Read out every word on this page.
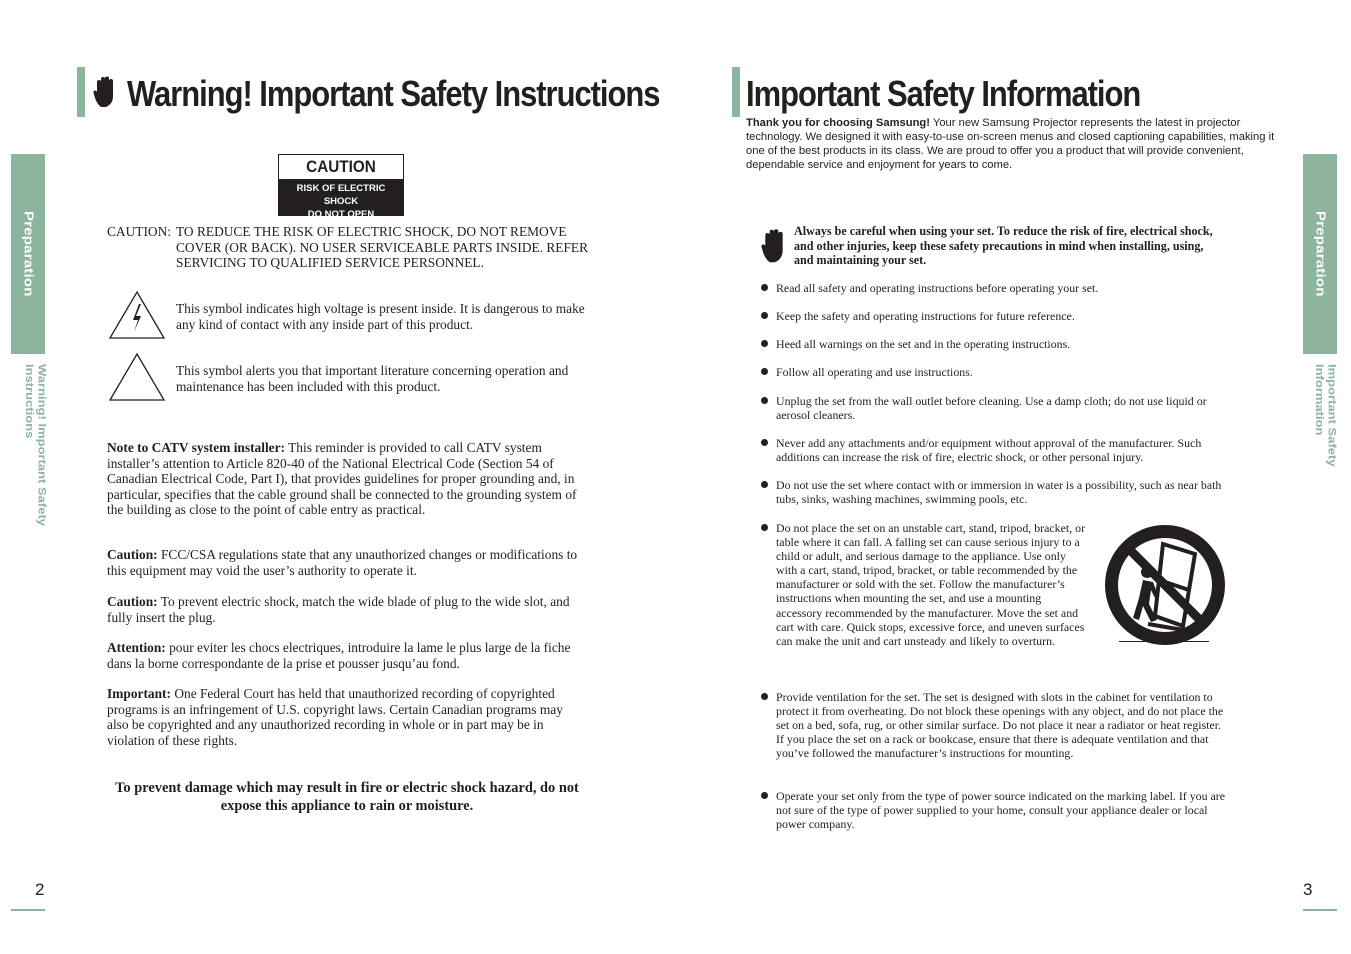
Preparation
Warning! Important Safety Instructions
Warning! Important Safety Instructions
CAUTION
RISK OF ELECTRIC SHOCK
DO NOT OPEN
CAUTION: TO REDUCE THE RISK OF ELECTRIC SHOCK, DO NOT REMOVE COVER (OR BACK). NO USER SERVICEABLE PARTS INSIDE. REFER SERVICING TO QUALIFIED SERVICE PERSONNEL.
This symbol indicates high voltage is present inside. It is dangerous to make any kind of contact with any inside part of this product.
This symbol alerts you that important literature concerning operation and maintenance has been included with this product.
Note to CATV system installer: This reminder is provided to call CATV system installer’s attention to Article 820-40 of the National Electrical Code (Section 54 of Canadian Electrical Code, Part I), that provides guidelines for proper grounding and, in particular, specifies that the cable ground shall be connected to the grounding system of the building as close to the point of cable entry as practical.
Caution: FCC/CSA regulations state that any unauthorized changes or modifications to this equipment may void the user’s authority to operate it.
Caution: To prevent electric shock, match the wide blade of plug to the wide slot, and fully insert the plug.
Attention: pour eviter les chocs electriques, introduire la lame le plus large de la fiche dans la borne correspondante de la prise et pousser jusqu’au fond.
Important: One Federal Court has held that unauthorized recording of copyrighted programs is an infringement of U.S. copyright laws. Certain Canadian programs may also be copyrighted and any unauthorized recording in whole or in part may be in violation of these rights.
To prevent damage which may result in fire or electric shock hazard, do not expose this appliance to rain or moisture.
2
Important Safety Information
Thank you for choosing Samsung! Your new Samsung Projector represents the latest in projector technology. We designed it with easy-to-use on-screen menus and closed captioning capabilities, making it one of the best products in its class. We are proud to offer you a product that will provide convenient, dependable service and enjoyment for years to come.
Always be careful when using your set. To reduce the risk of fire, electrical shock, and other injuries, keep these safety precautions in mind when installing, using, and maintaining your set.
Read all safety and operating instructions before operating your set.
Keep the safety and operating instructions for future reference.
Heed all warnings on the set and in the operating instructions.
Follow all operating and use instructions.
Unplug the set from the wall outlet before cleaning. Use a damp cloth; do not use liquid or aerosol cleaners.
Never add any attachments and/or equipment without approval of the manufacturer. Such additions can increase the risk of fire, electric shock, or other personal injury.
Do not use the set where contact with or immersion in water is a possibility, such as near bath tubs, sinks, washing machines, swimming pools, etc.
Do not place the set on an unstable cart, stand, tripod, bracket, or table where it can fall. A falling set can cause serious injury to a child or adult, and serious damage to the appliance. Use only with a cart, stand, tripod, bracket, or table recommended by the manufacturer or sold with the set. Follow the manufacturer’s instructions when mounting the set, and use a mounting accessory recommended by the manufacturer. Move the set and cart with care. Quick stops, excessive force, and uneven surfaces can make the unit and cart unsteady and likely to overturn.
Provide ventilation for the set. The set is designed with slots in the cabinet for ventilation to protect it from overheating. Do not block these openings with any object, and do not place the set on a bed, sofa, rug, or other similar surface. Do not place it near a radiator or heat register. If you place the set on a rack or bookcase, ensure that there is adequate ventilation and that you’ve followed the manufacturer’s instructions for mounting.
Operate your set only from the type of power source indicated on the marking label. If you are not sure of the type of power supplied to your home, consult your appliance dealer or local power company.
Preparation
Important Safety Information
3
